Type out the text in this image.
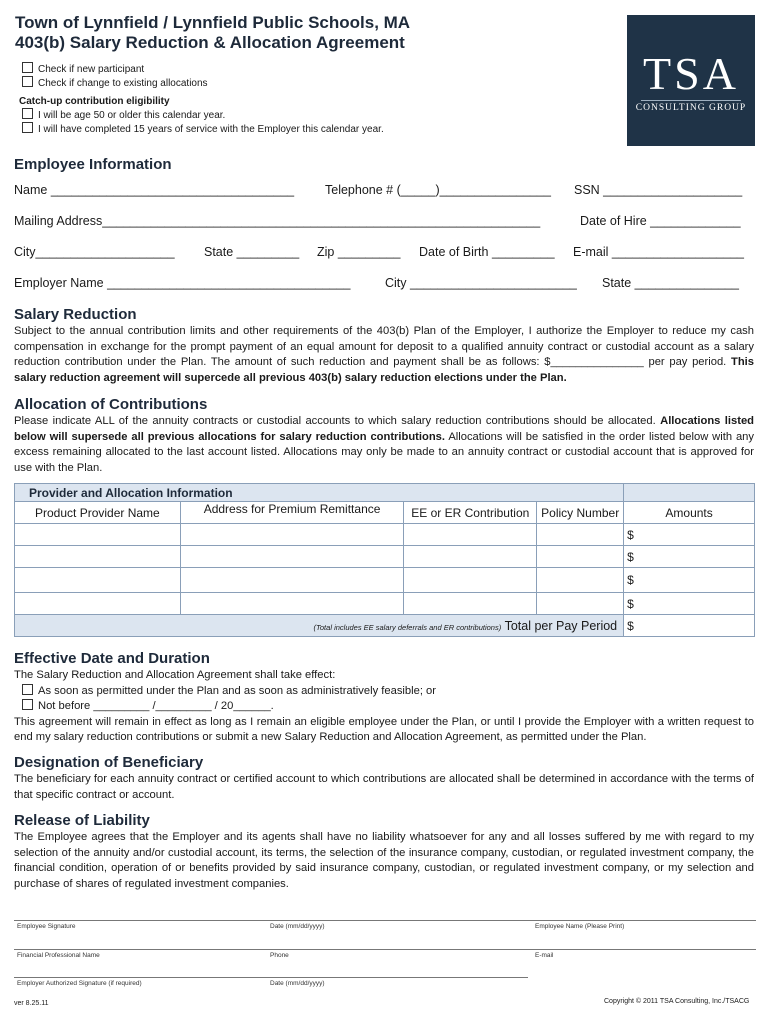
Town of Lynnfield / Lynnfield Public Schools, MA
403(b) Salary Reduction & Allocation Agreement
Check if new participant
Check if change to existing allocations
Catch-up contribution eligibility
I will be age 50 or older this calendar year.
I will have completed 15 years of service with the Employer this calendar year.
TSA
CONSULTING GROUP
Employee Information
Name ___________________________________ Telephone # (_____)________________ SSN ____________________
Mailing Address_______________________________________________________________	Date of Hire _____________
City____________________ State _________ Zip _________ Date of Birth _________ E-mail ___________________
Employer Name ___________________________________	City ________________________ State _______________
Salary Reduction
Subject to the annual contribution limits and other requirements of the 403(b) Plan of the Employer, I authorize the Employer to reduce my cash compensation in exchange for the prompt payment of an equal amount for deposit to a qualified annuity contract or custodial account as a salary reduction contribution under the Plan. The amount of such reduction and payment shall be as follows: $_______________ per pay period. This salary reduction agreement will supercede all previous 403(b) salary reduction elections under the Plan.
Allocation of Contributions
Please indicate ALL of the annuity contracts or custodial accounts to which salary reduction contributions should be allocated. Allocations listed below will supersede all previous allocations for salary reduction contributions. Allocations will be satisfied in the order listed below with any excess remaining allocated to the last account listed. Allocations may only be made to an annuity contract or custodial account that is approved for use with the Plan.
Provider and Allocation Information				
Product Provider Name	Address for Premium Remittance	EE or ER Contribution	Policy Number	Amounts
				$
				$
				$
				$
(Total includes EE salary deferrals and ER contributions) Total per Pay Period				$
Effective Date and Duration
The Salary Reduction and Allocation Agreement shall take effect:
As soon as permitted under the Plan and as soon as administratively feasible; or
Not before _________ /_________ / 20______.
This agreement will remain in effect as long as I remain an eligible employee under the Plan, or until I provide the Employer with a written request to end my salary reduction contributions or submit a new Salary Reduction and Allocation Agreement, as permitted under the Plan.
Designation of Beneficiary
The beneficiary for each annuity contract or certified account to which contributions are allocated shall be determined in accordance with the terms of that specific contract or account.
Release of Liability
The Employee agrees that the Employer and its agents shall have no liability whatsoever for any and all losses suffered by me with regard to my selection of the annuity and/or custodial account, its terms, the selection of the insurance company, custodian, or regulated investment company, the financial condition, operation of or benefits provided by said insurance company, custodian, or regulated investment company, or my selection and purchase of shares of regulated investment companies.
Employee Signature	Date (mm/dd/yyyy)	Employee Name (Please Print)
Financial Professional Name	Phone	E-mail
Employer Authorized Signature (if required)	Date (mm/dd/yyyy)
ver 8.25.11	Copyright © 2011 TSA Consulting, Inc./TSACG
